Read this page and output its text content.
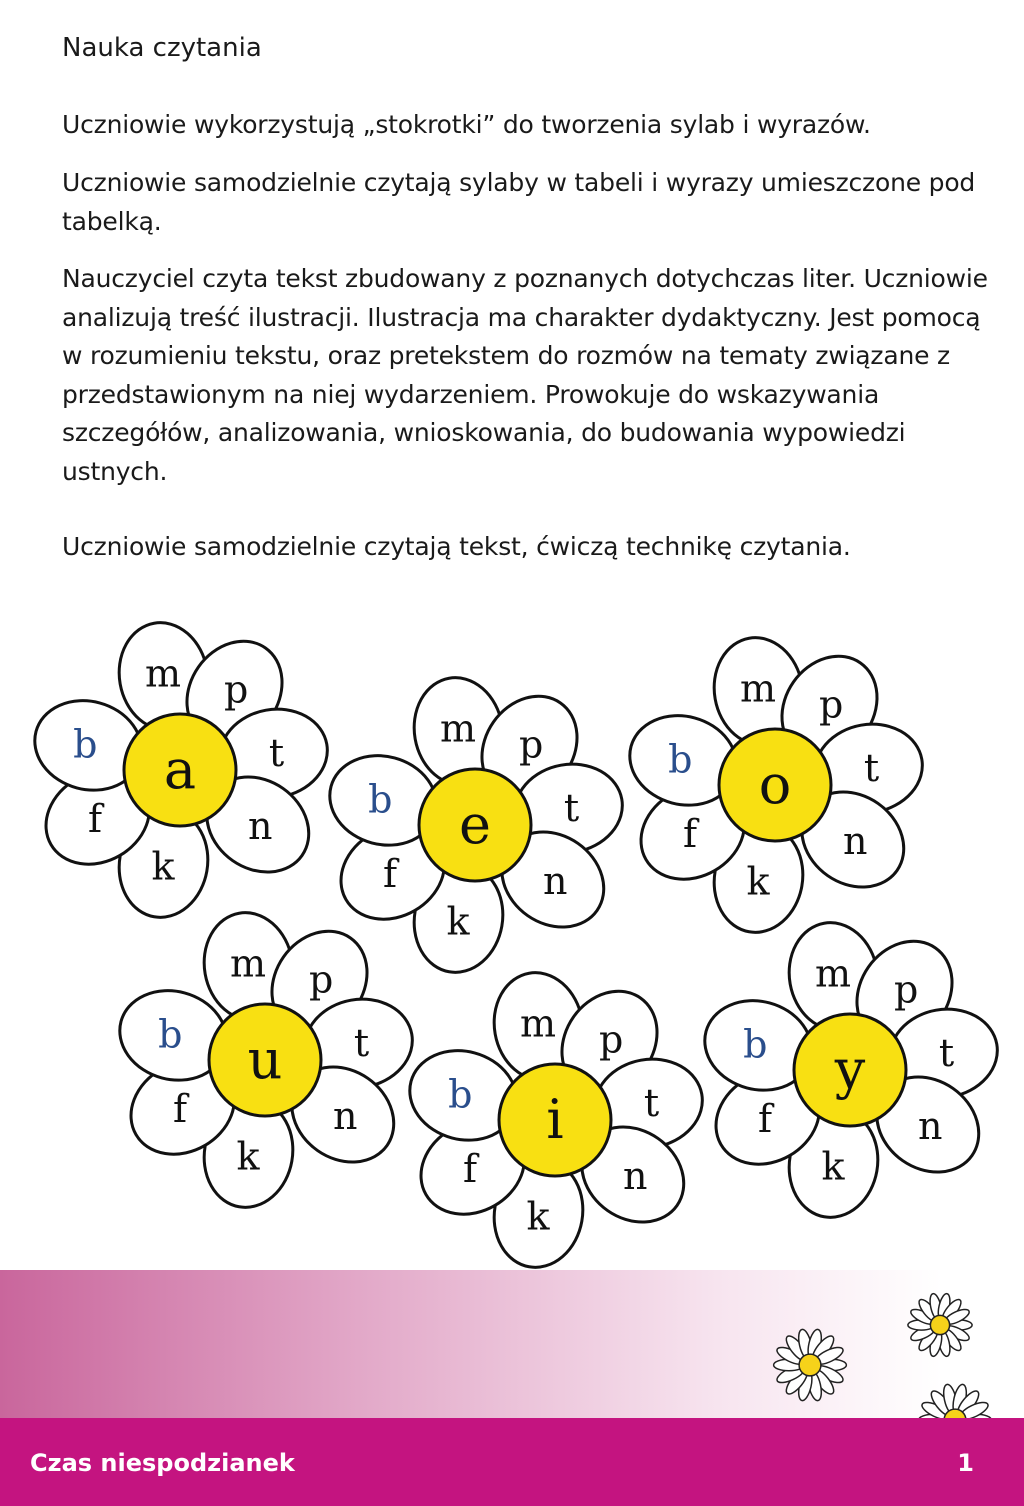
Nauka czytania

Uczniowie wykorzystują „stokrotki” do tworzenia sylab i wyrazów.

Uczniowie samodzielnie czytają sylaby w tabeli i wyrazy umieszczone pod tabelką.

Nauczyciel czyta tekst zbudowany z poznanych dotychczas liter. Uczniowie analizują treść ilustracji. Ilustracja ma charakter dydaktyczny. Jest pomocą w rozumieniu tekstu, oraz pretekstem do rozmów na tematy związane z przedstawionym na niej wydarzeniem. Prowokuje do wskazywania szczegółów, analizowania, wnioskowania, do budowania wypowiedzi ustnych.

Uczniowie samodzielnie czytają tekst, ćwiczą technikę czytania.

m p
t
n
k
f
b a
m p
t
n
k
f
b e
m p
t
n
k
f
b o
m p
t
n
k
f
b u
m p
t
n
k
f
b i
m p
t
n
k
f
b y

Czas niespodzianek	1
